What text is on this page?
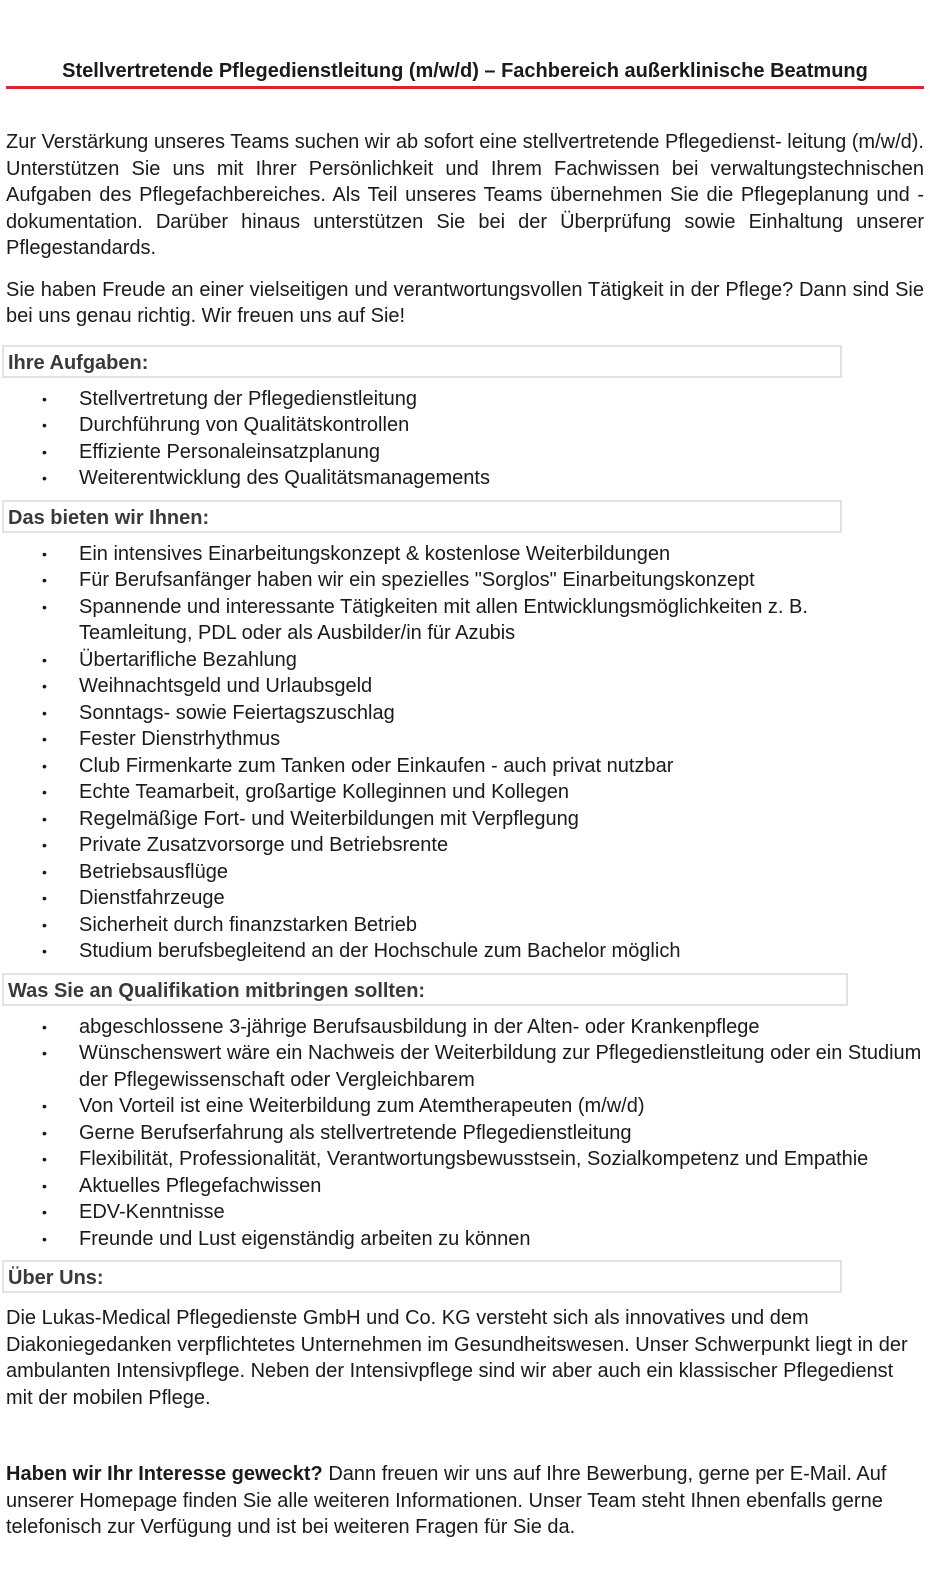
Stellvertretende Pflegedienstleitung (m/w/d) – Fachbereich außerklinische Beatmung

Zur Verstärkung unseres Teams suchen wir ab sofort eine stellvertretende Pflegedienst- leitung (m/w/d). Unterstützen Sie uns mit Ihrer Persönlichkeit und Ihrem Fachwissen bei verwaltungstechnischen Aufgaben des Pflegefachbereiches. Als Teil unseres Teams übernehmen Sie die Pflegeplanung und -dokumentation. Darüber hinaus unterstützen Sie bei der Überprüfung sowie Einhaltung unserer Pflegestandards.

Sie haben Freude an einer vielseitigen und verantwortungsvollen Tätigkeit in der Pflege? Dann sind Sie bei uns genau richtig. Wir freuen uns auf Sie!

Ihre Aufgaben:
• Stellvertretung der Pflegedienstleitung
• Durchführung von Qualitätskontrollen
• Effiziente Personaleinsatzplanung
• Weiterentwicklung des Qualitätsmanagements
Das bieten wir Ihnen:
• Ein intensives Einarbeitungskonzept & kostenlose Weiterbildungen
• Für Berufsanfänger haben wir ein spezielles "Sorglos" Einarbeitungskonzept
• Spannende und interessante Tätigkeiten mit allen Entwicklungsmöglichkeiten z. B. Teamleitung, PDL oder als Ausbilder/in für Azubis
• Übertarifliche Bezahlung
• Weihnachtsgeld und Urlaubsgeld
• Sonntags- sowie Feiertagszuschlag
• Fester Dienstrhythmus
• Club Firmenkarte zum Tanken oder Einkaufen - auch privat nutzbar
• Echte Teamarbeit, großartige Kolleginnen und Kollegen
• Regelmäßige Fort- und Weiterbildungen mit Verpflegung
• Private Zusatzvorsorge und Betriebsrente
• Betriebsausflüge
• Dienstfahrzeuge
• Sicherheit durch finanzstarken Betrieb
• Studium berufsbegleitend an der Hochschule zum Bachelor möglich
Was Sie an Qualifikation mitbringen sollten:
• abgeschlossene 3-jährige Berufsausbildung in der Alten- oder Krankenpflege
• Wünschenswert wäre ein Nachweis der Weiterbildung zur Pflegedienstleitung oder ein Studium der Pflegewissenschaft oder Vergleichbarem
• Von Vorteil ist eine Weiterbildung zum Atemtherapeuten (m/w/d)
• Gerne Berufserfahrung als stellvertretende Pflegedienstleitung
• Flexibilität, Professionalität, Verantwortungsbewusstsein, Sozialkompetenz und Empathie
• Aktuelles Pflegefachwissen
• EDV-Kenntnisse
• Freunde und Lust eigenständig arbeiten zu können
Über Uns:

Die Lukas-Medical Pflegedienste GmbH und Co. KG versteht sich als innovatives und dem Diakoniegedanken verpflichtetes Unternehmen im Gesundheitswesen. Unser Schwerpunkt liegt in der ambulanten Intensivpflege. Neben der Intensivpflege sind wir aber auch ein klassischer Pflegedienst mit der mobilen Pflege.

Haben wir Ihr Interesse geweckt? Dann freuen wir uns auf Ihre Bewerbung, gerne per E-Mail. Auf unserer Homepage finden Sie alle weiteren Informationen. Unser Team steht Ihnen ebenfalls gerne telefonisch zur Verfügung und ist bei weiteren Fragen für Sie da.
